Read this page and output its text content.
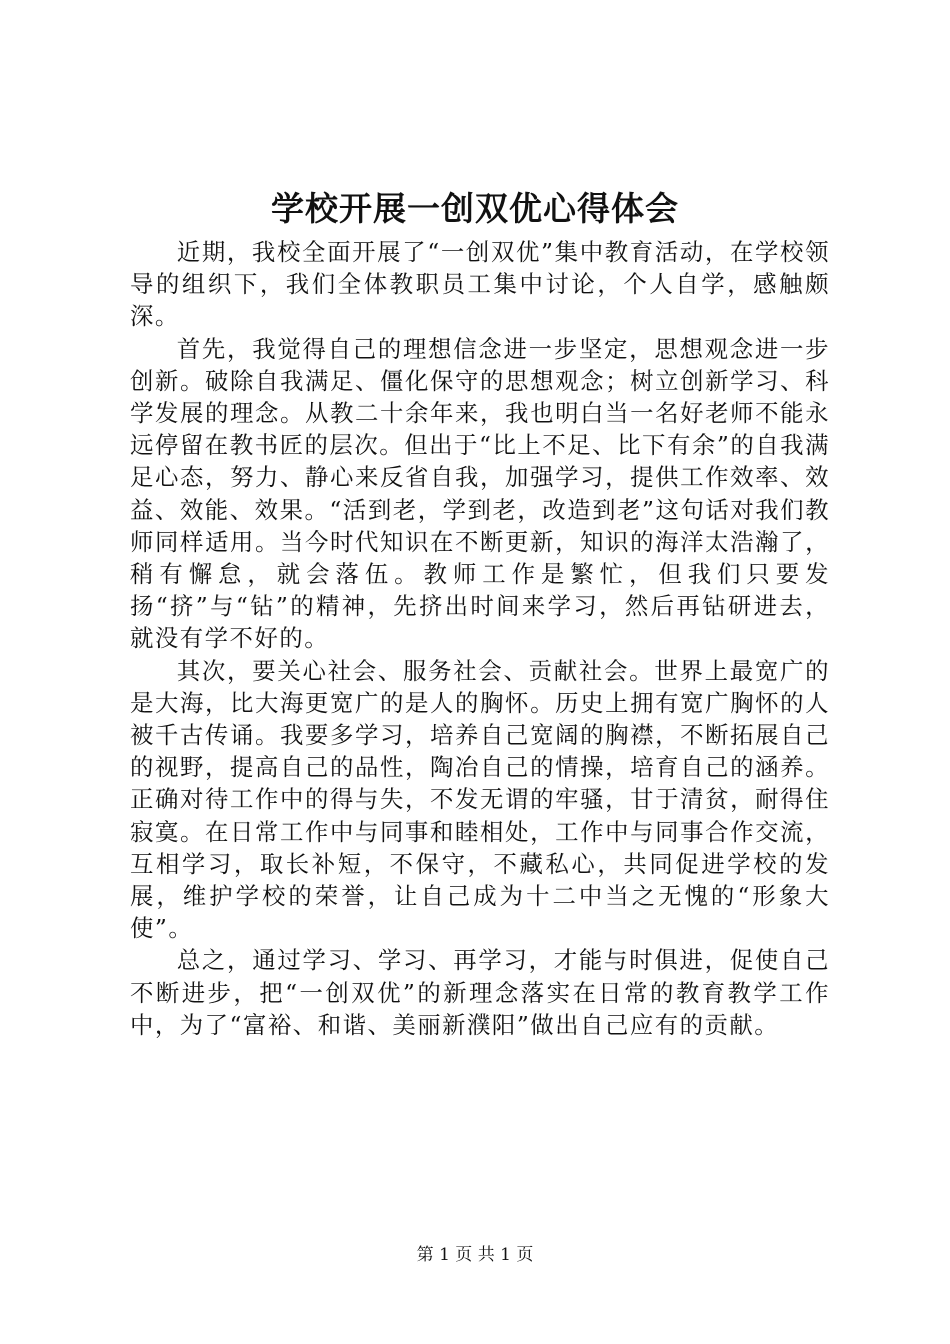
学校开展一创双优心得体会

近期，我校全面开展了“一创双优”集中教育活动，在学校领导的组织下，我们全体教职员工集中讨论，个人自学，感触颇深。

首先，我觉得自己的理想信念进一步坚定，思想观念进一步创新。破除自我满足、僵化保守的思想观念；树立创新学习、科学发展的理念。从教二十余年来，我也明白当一名好老师不能永远停留在教书匠的层次。但出于“比上不足、比下有余”的自我满足心态，努力、静心来反省自我，加强学习，提供工作效率、效益、效能、效果。“活到老，学到老，改造到老”这句话对我们教师同样适用。当今时代知识在不断更新，知识的海洋太浩瀚了，稍有懈怠，就会落伍。教师工作是繁忙，但我们只要发扬“挤”与“钻”的精神，先挤出时间来学习，然后再钻研进去，就没有学不好的。

其次，要关心社会、服务社会、贡献社会。世界上最宽广的是大海，比大海更宽广的是人的胸怀。历史上拥有宽广胸怀的人被千古传诵。我要多学习，培养自己宽阔的胸襟，不断拓展自己的视野，提高自己的品性，陶冶自己的情操，培育自己的涵养。正确对待工作中的得与失，不发无谓的牢骚，甘于清贫，耐得住寂寞。在日常工作中与同事和睦相处，工作中与同事合作交流，互相学习，取长补短，不保守，不藏私心，共同促进学校的发展，维护学校的荣誉，让自己成为十二中当之无愧的“形象大使”。

总之，通过学习、学习、再学习，才能与时俱进，促使自己不断进步，把“一创双优”的新理念落实在日常的教育教学工作中，为了“富裕、和谐、美丽新濮阳”做出自己应有的贡献。

第 1 页 共 1 页
